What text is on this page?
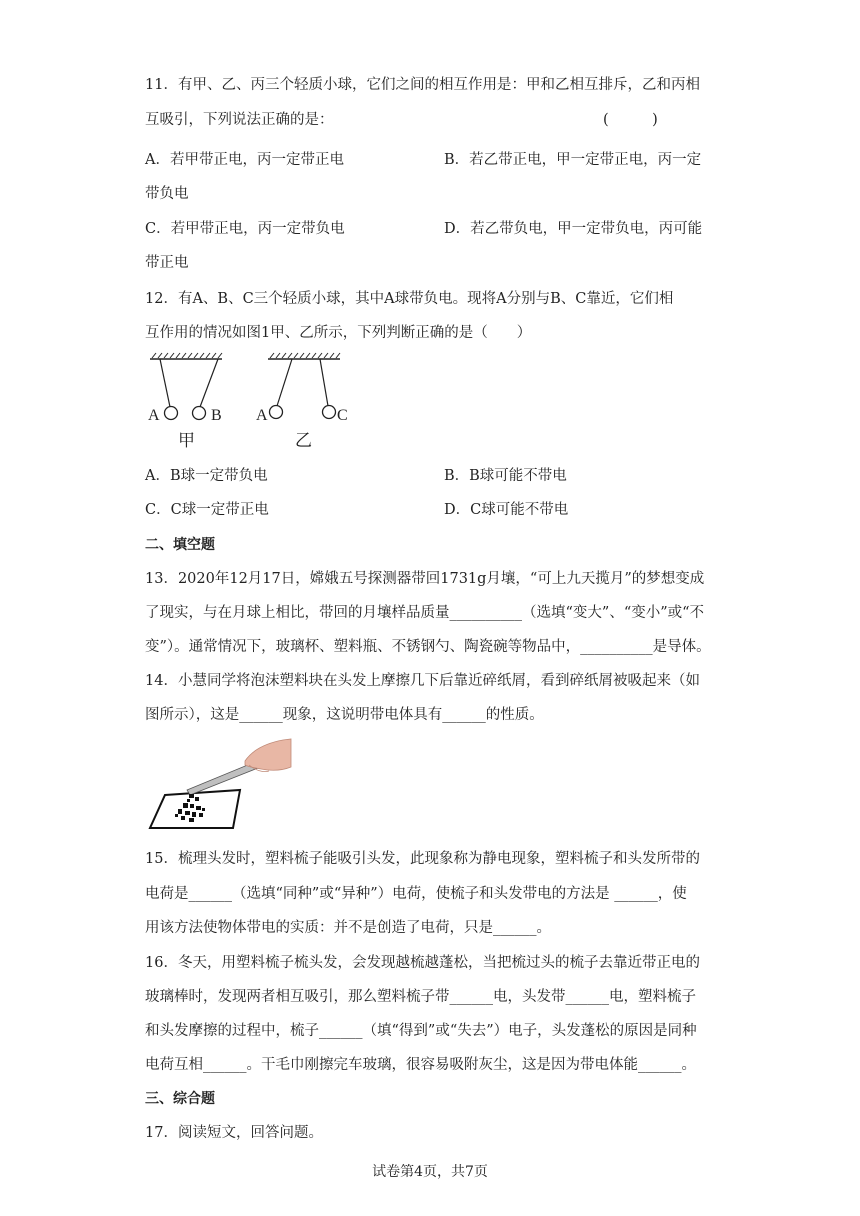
11．有甲、乙、丙三个轻质小球，它们之间的相互作用是：甲和乙相互排斥，乙和丙相
互吸引，下列说法正确的是：	(　　　)
A．若甲带正电，丙一定带正电	B．若乙带正电，甲一定带正电，丙一定
带负电
C．若甲带正电，丙一定带负电	D．若乙带负电，甲一定带负电，丙可能
带正电
12．有A、B、C三个轻质小球，其中A球带负电。现将A分别与B、C靠近，它们相
互作用的情况如图1甲、乙所示，下列判断正确的是（　　）
A	B
甲
A	C
乙
A．B球一定带负电	B．B球可能不带电
C．C球一定带正电	D．C球可能不带电
二、填空题
13．2020年12月17日，嫦娥五号探测器带回1731g月壤，“可上九天揽月”的梦想变成
了现实，与在月球上相比，带回的月壤样品质量__________（选填“变大”、“变小”或“不
变”）。通常情况下，玻璃杯、塑料瓶、不锈钢勺、陶瓷碗等物品中，__________是导体。
14．小慧同学将泡沫塑料块在头发上摩擦几下后靠近碎纸屑，看到碎纸屑被吸起来（如
图所示），这是______现象，这说明带电体具有______的性质。
15．梳理头发时，塑料梳子能吸引头发，此现象称为静电现象，塑料梳子和头发所带的
电荷是______（选填“同种”或“异种”）电荷，使梳子和头发带电的方法是 ______，使
用该方法使物体带电的实质：并不是创造了电荷，只是______。
16．冬天，用塑料梳子梳头发，会发现越梳越蓬松，当把梳过头的梳子去靠近带正电的
玻璃棒时，发现两者相互吸引，那么塑料梳子带______电，头发带______电，塑料梳子
和头发摩擦的过程中，梳子______（填“得到”或“失去”）电子，头发蓬松的原因是同种
电荷互相______。干毛巾刚擦完车玻璃，很容易吸附灰尘，这是因为带电体能______。
三、综合题
17．阅读短文，回答问题。
试卷第4页，共7页
